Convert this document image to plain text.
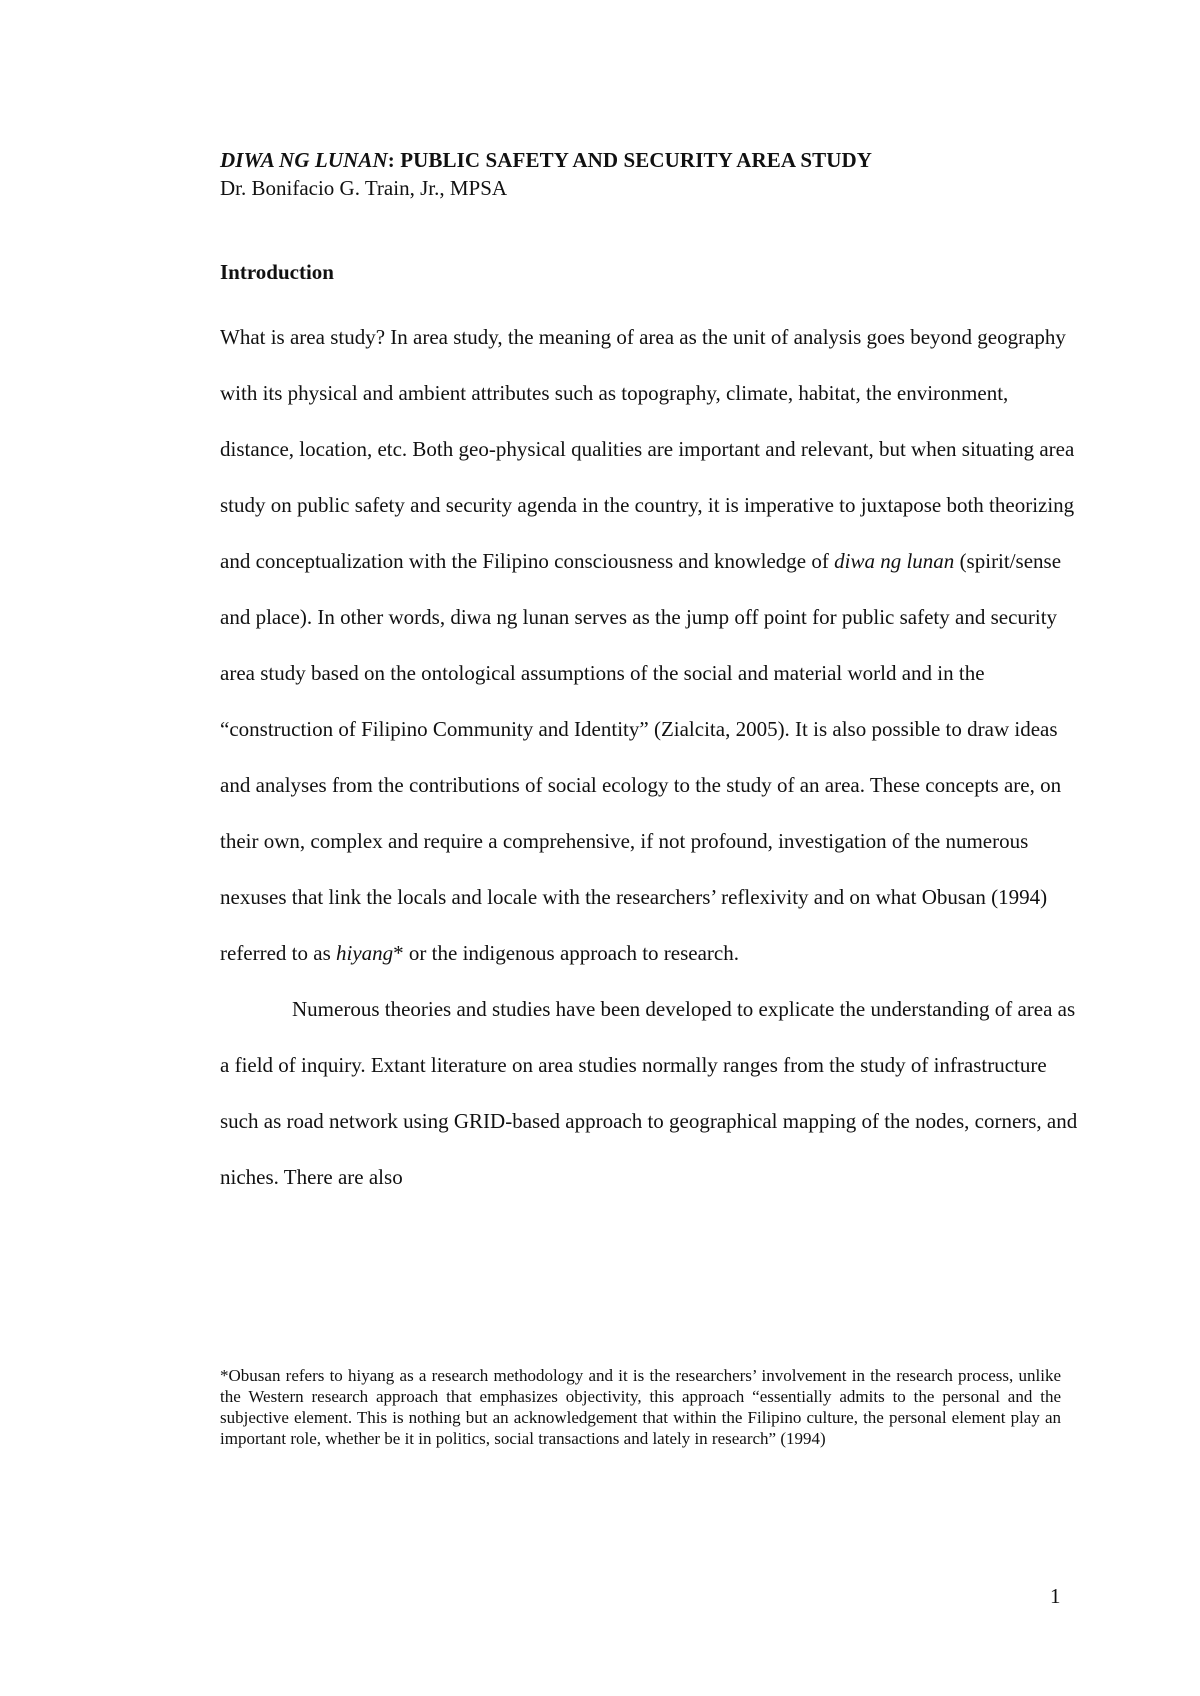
DIWA NG LUNAN: PUBLIC SAFETY AND SECURITY AREA STUDY

Dr. Bonifacio G. Train, Jr., MPSA

Introduction

What is area study? In area study, the meaning of area as the unit of analysis goes beyond geography with its physical and ambient attributes such as topography, climate, habitat, the environment, distance, location, etc. Both geo-physical qualities are important and relevant, but when situating area study on public safety and security agenda in the country, it is imperative to juxtapose both theorizing and conceptualization with the Filipino consciousness and knowledge of diwa ng lunan (spirit/sense and place). In other words, diwa ng lunan serves as the jump off point for public safety and security area study based on the ontological assumptions of the social and material world and in the “construction of Filipino Community and Identity” (Zialcita, 2005). It is also possible to draw ideas and analyses from the contributions of social ecology to the study of an area. These concepts are, on their own, complex and require a comprehensive, if not profound, investigation of the numerous nexuses that link the locals and locale with the researchers’ reflexivity and on what Obusan (1994) referred to as hiyang* or the indigenous approach to research.

Numerous theories and studies have been developed to explicate the understanding of area as a field of inquiry. Extant literature on area studies normally ranges from the study of infrastructure such as road network using GRID-based approach to geographical mapping of the nodes, corners, and niches. There are also

*Obusan refers to hiyang as a research methodology and it is the researchers’ involvement in the research process, unlike the Western research approach that emphasizes objectivity, this approach “essentially admits to the personal and the subjective element. This is nothing but an acknowledgement that within the Filipino culture, the personal element play an important role, whether be it in politics, social transactions and lately in research” (1994)

1
